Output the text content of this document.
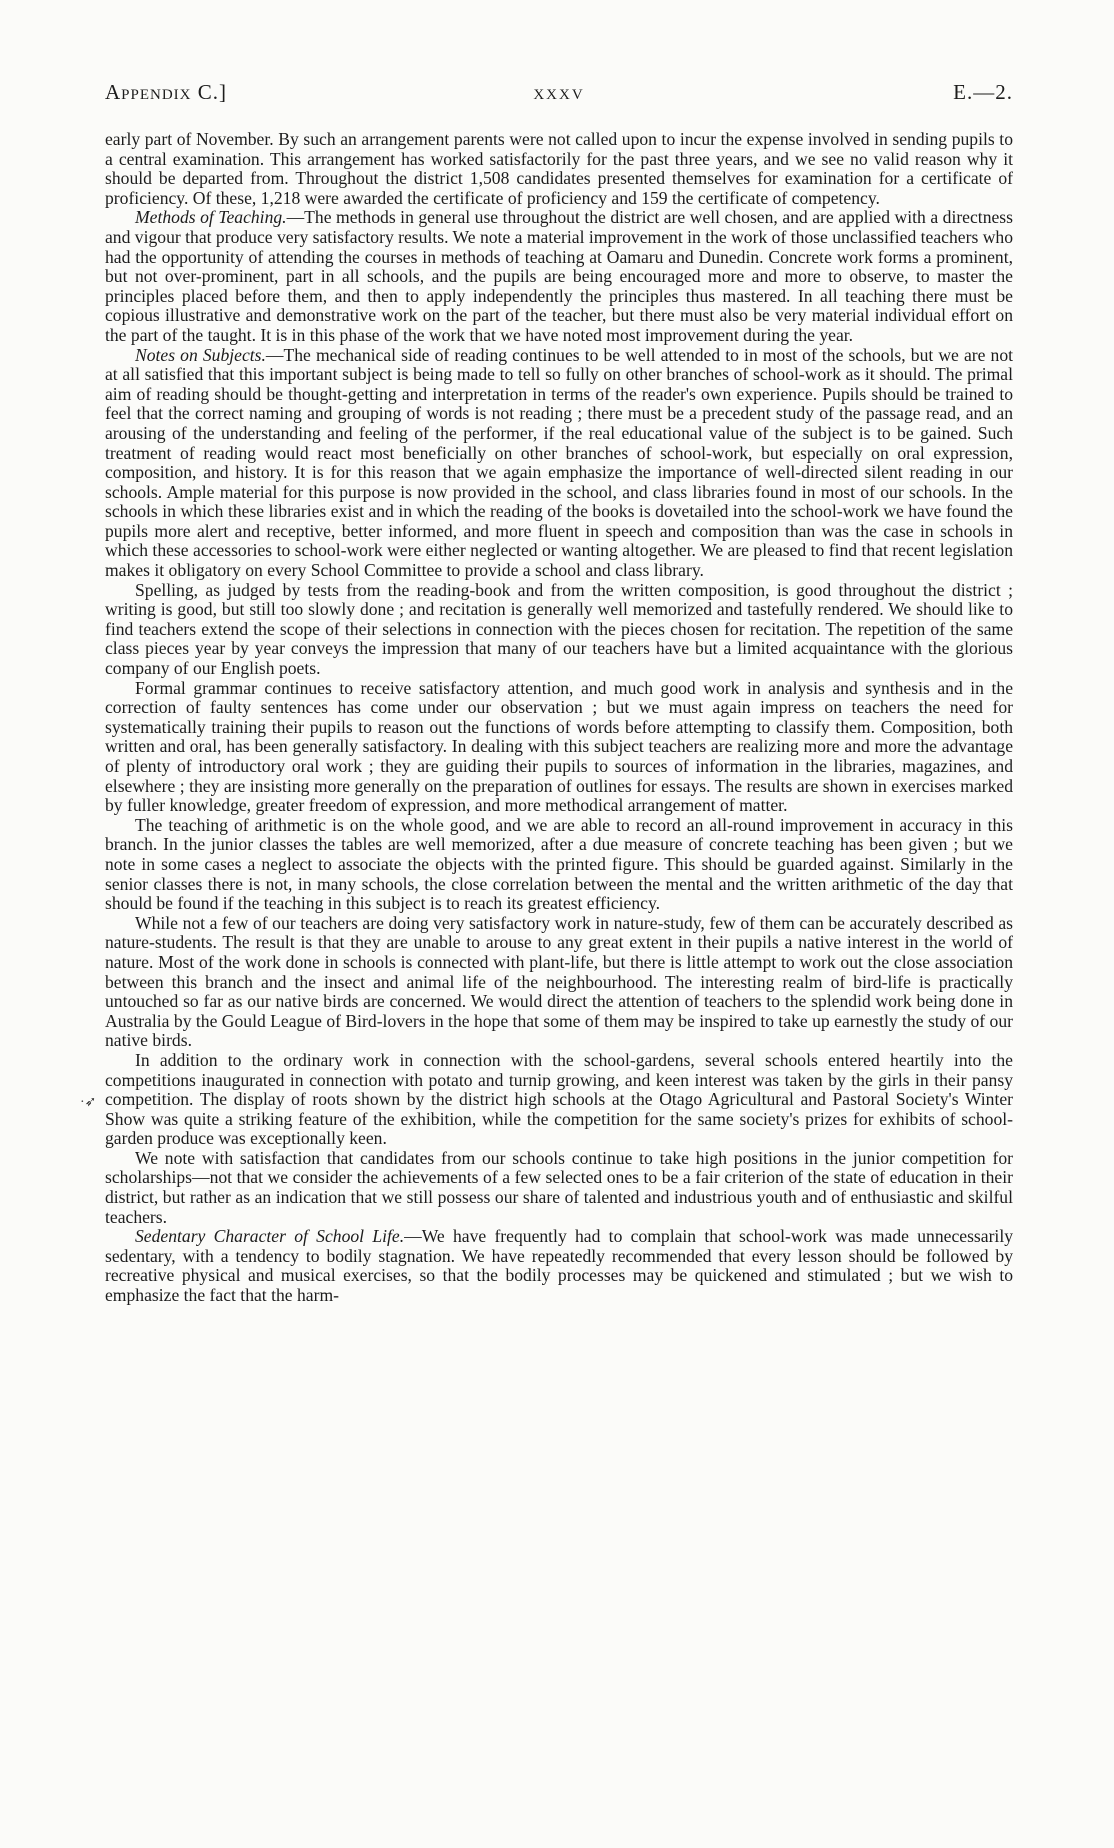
Appendix C.]	xxxv	E.—2.
·➶

early part of November. By such an arrangement parents were not called upon to incur the expense involved in sending pupils to a central examination. This arrangement has worked satisfactorily for the past three years, and we see no valid reason why it should be departed from. Throughout the district 1,508 candidates presented themselves for examination for a certificate of proficiency. Of these, 1,218 were awarded the certificate of proficiency and 159 the certificate of competency.

Methods of Teaching.—The methods in general use throughout the district are well chosen, and are applied with a directness and vigour that produce very satisfactory results. We note a material improvement in the work of those unclassified teachers who had the opportunity of attending the courses in methods of teaching at Oamaru and Dunedin. Concrete work forms a prominent, but not over-prominent, part in all schools, and the pupils are being encouraged more and more to observe, to master the principles placed before them, and then to apply independently the principles thus mastered. In all teaching there must be copious illustrative and demonstrative work on the part of the teacher, but there must also be very material individual effort on the part of the taught. It is in this phase of the work that we have noted most improvement during the year.

Notes on Subjects.—The mechanical side of reading continues to be well attended to in most of the schools, but we are not at all satisfied that this important subject is being made to tell so fully on other branches of school-work as it should. The primal aim of reading should be thought-getting and interpretation in terms of the reader's own experience. Pupils should be trained to feel that the correct naming and grouping of words is not reading ; there must be a precedent study of the passage read, and an arousing of the understanding and feeling of the performer, if the real educational value of the subject is to be gained. Such treatment of reading would react most beneficially on other branches of school-work, but especially on oral expression, composition, and history. It is for this reason that we again emphasize the importance of well-directed silent reading in our schools. Ample material for this purpose is now provided in the school, and class libraries found in most of our schools. In the schools in which these libraries exist and in which the reading of the books is dovetailed into the school-work we have found the pupils more alert and receptive, better informed, and more fluent in speech and composition than was the case in schools in which these accessories to school-work were either neglected or wanting altogether. We are pleased to find that recent legislation makes it obligatory on every School Committee to provide a school and class library.

Spelling, as judged by tests from the reading-book and from the written composition, is good throughout the district ; writing is good, but still too slowly done ; and recitation is generally well memorized and tastefully rendered. We should like to find teachers extend the scope of their selections in connection with the pieces chosen for recitation. The repetition of the same class pieces year by year conveys the impression that many of our teachers have but a limited acquaintance with the glorious company of our English poets.

Formal grammar continues to receive satisfactory attention, and much good work in analysis and synthesis and in the correction of faulty sentences has come under our observation ; but we must again impress on teachers the need for systematically training their pupils to reason out the functions of words before attempting to classify them. Composition, both written and oral, has been generally satisfactory. In dealing with this subject teachers are realizing more and more the advantage of plenty of introductory oral work ; they are guiding their pupils to sources of information in the libraries, magazines, and elsewhere ; they are insisting more generally on the preparation of outlines for essays. The results are shown in exercises marked by fuller knowledge, greater freedom of expression, and more methodical arrangement of matter.

The teaching of arithmetic is on the whole good, and we are able to record an all-round improvement in accuracy in this branch. In the junior classes the tables are well memorized, after a due measure of concrete teaching has been given ; but we note in some cases a neglect to associate the objects with the printed figure. This should be guarded against. Similarly in the senior classes there is not, in many schools, the close correlation between the mental and the written arithmetic of the day that should be found if the teaching in this subject is to reach its greatest efficiency.

While not a few of our teachers are doing very satisfactory work in nature-study, few of them can be accurately described as nature-students. The result is that they are unable to arouse to any great extent in their pupils a native interest in the world of nature. Most of the work done in schools is connected with plant-life, but there is little attempt to work out the close association between this branch and the insect and animal life of the neighbourhood. The interesting realm of bird-life is practically untouched so far as our native birds are concerned. We would direct the attention of teachers to the splendid work being done in Australia by the Gould League of Bird-lovers in the hope that some of them may be inspired to take up earnestly the study of our native birds.

In addition to the ordinary work in connection with the school-gardens, several schools entered heartily into the competitions inaugurated in connection with potato and turnip growing, and keen interest was taken by the girls in their pansy competition. The display of roots shown by the district high schools at the Otago Agricultural and Pastoral Society's Winter Show was quite a striking feature of the exhibition, while the competition for the same society's prizes for exhibits of school-garden produce was exceptionally keen.

We note with satisfaction that candidates from our schools continue to take high positions in the junior competition for scholarships—not that we consider the achievements of a few selected ones to be a fair criterion of the state of education in their district, but rather as an indication that we still possess our share of talented and industrious youth and of enthusiastic and skilful teachers.

Sedentary Character of School Life.—We have frequently had to complain that school-work was made unnecessarily sedentary, with a tendency to bodily stagnation. We have repeatedly recommended that every lesson should be followed by recreative physical and musical exercises, so that the bodily processes may be quickened and stimulated ; but we wish to emphasize the fact that the harm-
